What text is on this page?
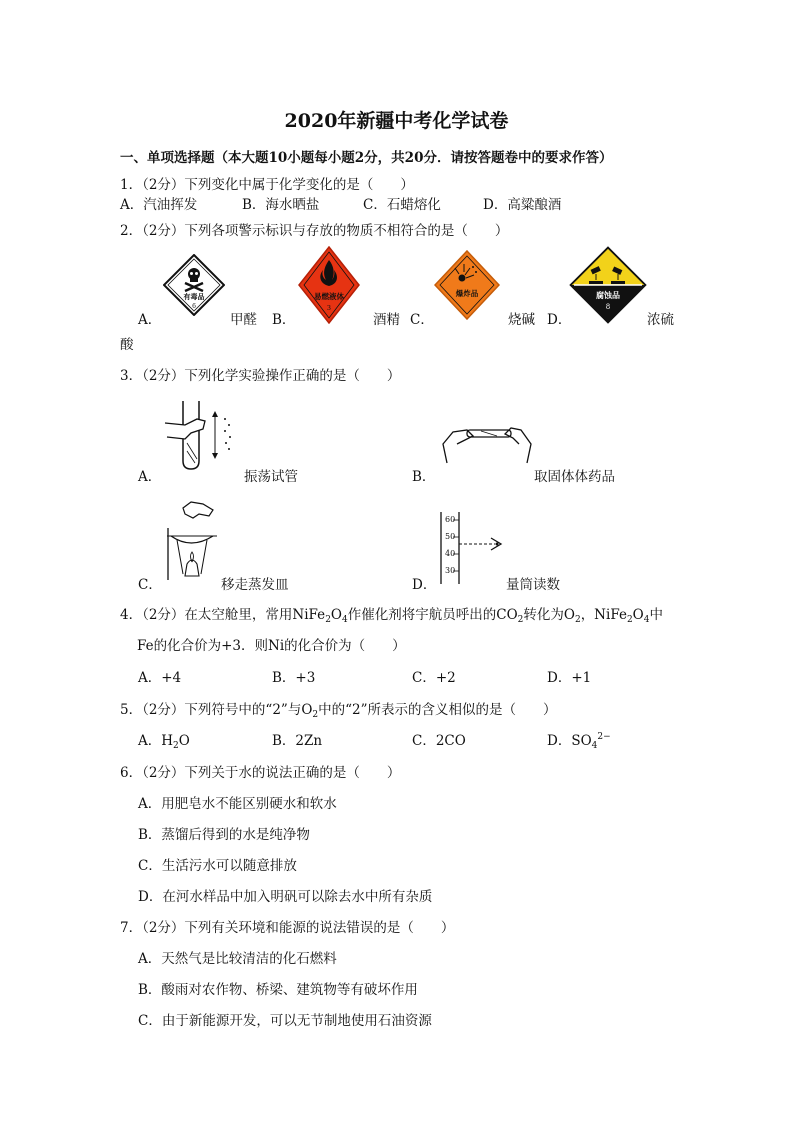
2020年新疆中考化学试卷
一、单项选择题（本大题10小题每小题2分，共20分．请按答题卷中的要求作答）
1．（2分）下列变化中属于化学变化的是（　　）
A．汽油挥发	B．海水晒盐	C．石蜡熔化	D．高粱酿酒
2．（2分）下列各项警示标识与存放的物质不相符合的是（　　）
有毒品
6
易燃液体
3
爆炸品	腐蚀品
8
A．	甲醛 B．	酒精 C．	烧碱 D．	浓硫
酸
3．（2分）下列化学实验操作正确的是（　　）
60
50
40
30
A．	振荡试管	B．	取固体体药品
C．	移走蒸发皿	D．	量筒读数
4．（2分）在太空舱里，常用$NiFe_2O_4$作催化剂将宇航员呼出的$CO_2$转化为$O_2$，$NiFe_2O_4$中
Fe的化合价为+3．则Ni的化合价为（　　）
A．+4	B．+3	C．+2	D．+1
5．（2分）下列符号中的“2”与$O_2$中的“2”所表示的含义相似的是（　　）
A．$H_2O$	B．2Zn	C．2CO	D．$SO_4^{2-}$
6．（2分）下列关于水的说法正确的是（　　）
A．用肥皂水不能区别硬水和软水
B．蒸馏后得到的水是纯净物
C．生活污水可以随意排放
D．在河水样品中加入明矾可以除去水中所有杂质
7．（2分）下列有关环境和能源的说法错误的是（　　）
A．天然气是比较清洁的化石燃料
B．酸雨对农作物、桥梁、建筑物等有破坏作用
C．由于新能源开发，可以无节制地使用石油资源
